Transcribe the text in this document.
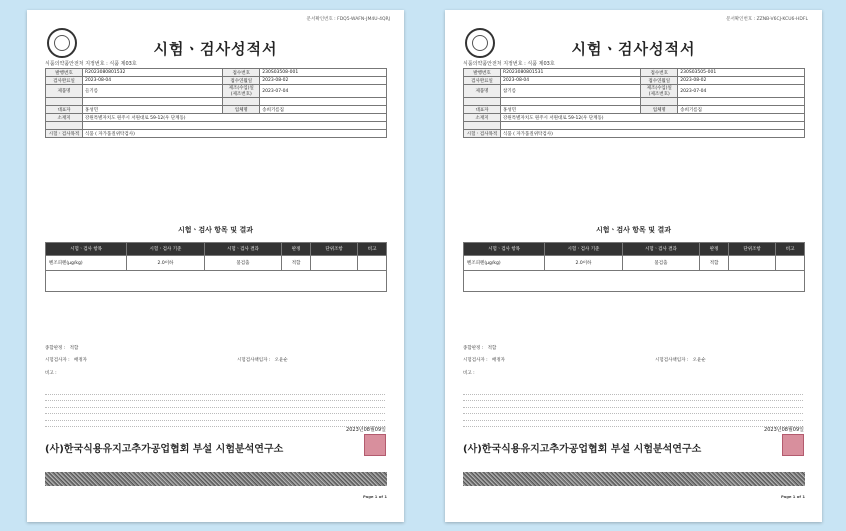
문서확인번호 : FDQ5-WAFN-JM4U-4QRJ
시험ㆍ검사성적서
식품의약품안전처 지정번호 : 식품 제03호
발행번호	R2023080801532	접수번호	230S03508-001
검사완료일	2023-08-04	접수연월일	2023-08-02
제품명	들기름	제조(수입)일 (제조번호)	2023-07-04

대표자	홍성민	업체명	송희기름집
소재지	강원특별자치도 원주시 서원대로 59-12(우 단계동)		

시험ㆍ검사목적	식품 ( 자가품질위탁검사)		
시험ㆍ검사 항목 및 결과
시험ㆍ검사 항목	시험ㆍ검사 기준	시험ㆍ검사 결과	판정	단위조항	비고
벤조피렌(μg/kg)	2.0이하	불검출	적합		
종합판정 : 적합
시험검사자 : 배정자	시험검사책임자 : 오윤순
비고 :

2023년08월09일
(사)한국식용유지고추가공업협회 부설 시험분석연구소

Page 1 of 1
문서확인번호 : ZZNB-V6CJ-KCU6-HDFL
시험ㆍ검사성적서
식품의약품안전처 지정번호 : 식품 제03호
발행번호	R2023080801531	접수번호	230S03505-001
검사완료일	2023-08-04	접수연월일	2023-08-02
제품명	참기름	제조(수입)일 (제조번호)	2023-07-04

대표자	홍성민	업체명	송희기름집
소재지	강원특별자치도 원주시 서원대로 59-12(우 단계동)		

시험ㆍ검사목적	식품 ( 자가품질위탁검사)		
시험ㆍ검사 항목 및 결과
시험ㆍ검사 항목	시험ㆍ검사 기준	시험ㆍ검사 결과	판정	단위조항	비고
벤조피렌(μg/kg)	2.0이하	불검출	적합		
종합판정 : 적합
시험검사자 : 배정자	시험검사책임자 : 오윤순
비고 :

2023년08월09일
(사)한국식용유지고추가공업협회 부설 시험분석연구소

Page 1 of 1
